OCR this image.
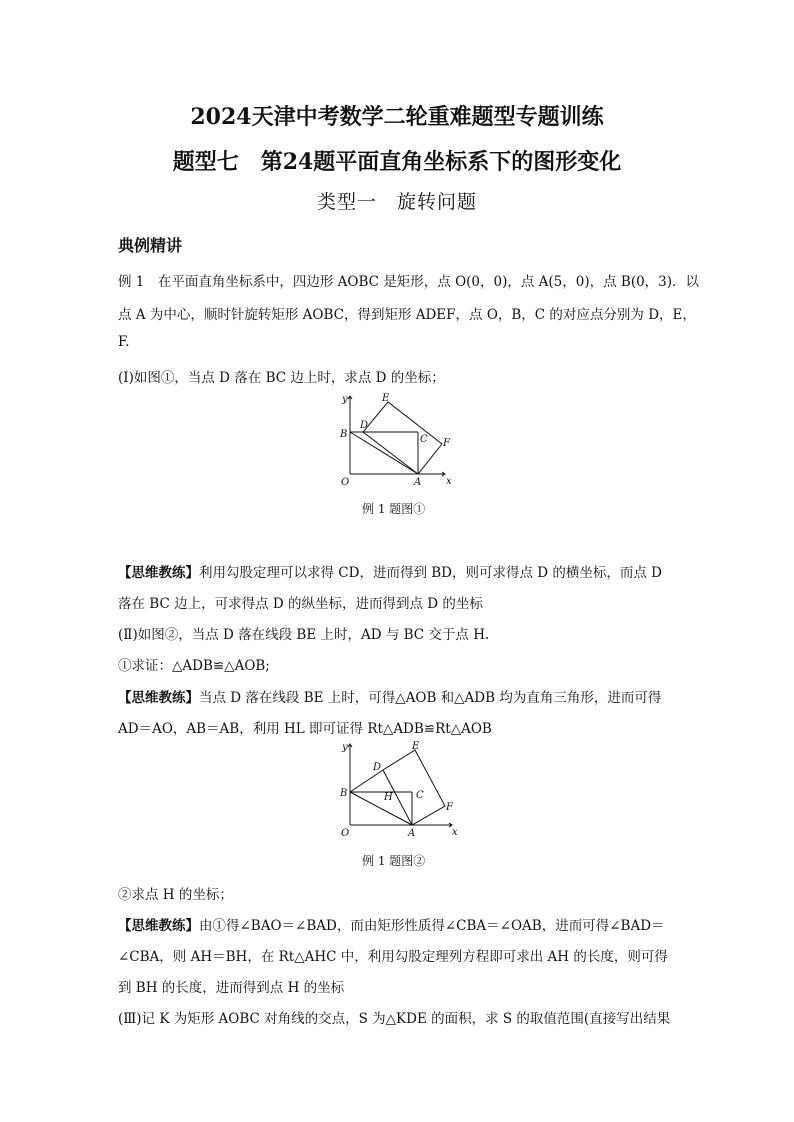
2024天津中考数学二轮重难题型专题训练
题型七　第24题平面直角坐标系下的图形变化
类型一　旋转问题
典例精讲
例 1　在平面直角坐标系中，四边形 AOBC 是矩形，点 O(0，0)，点 A(5，0)，点 B(0，3)．以
点 A 为中心，顺时针旋转矩形 AOBC，得到矩形 ADEF，点 O，B，C 的对应点分别为 D，E，
F.
(Ⅰ)如图①，当点 D 落在 BC 边上时，求点 D 的坐标；
y
x
O	A
B	C
D
E
F
例 1 题图①
【思维教练】利用勾股定理可以求得 CD，进而得到 BD，则可求得点 D 的横坐标，而点 D
落在 BC 边上，可求得点 D 的纵坐标，进而得到点 D 的坐标
(Ⅱ)如图②，当点 D 落在线段 BE 上时，AD 与 BC 交于点 H.
①求证：△ADB≌△AOB;
【思维教练】当点 D 落在线段 BE 上时，可得△AOB 和△ADB 均为直角三角形，进而可得
AD＝AO，AB＝AB，利用 HL 即可证得 Rt△ADB≌Rt△AOB
y
x
O	A
B	C
D
E
F
H
例 1 题图②
②求点 H 的坐标；
【思维教练】由①得∠BAO＝∠BAD，而由矩形性质得∠CBA＝∠OAB，进而可得∠BAD＝
∠CBA，则 AH＝BH，在 Rt△AHC 中，利用勾股定理列方程即可求出 AH 的长度，则可得
到 BH 的长度，进而得到点 H 的坐标
(Ⅲ)记 K 为矩形 AOBC 对角线的交点，S 为△KDE 的面积，求 S 的取值范围(直接写出结果
